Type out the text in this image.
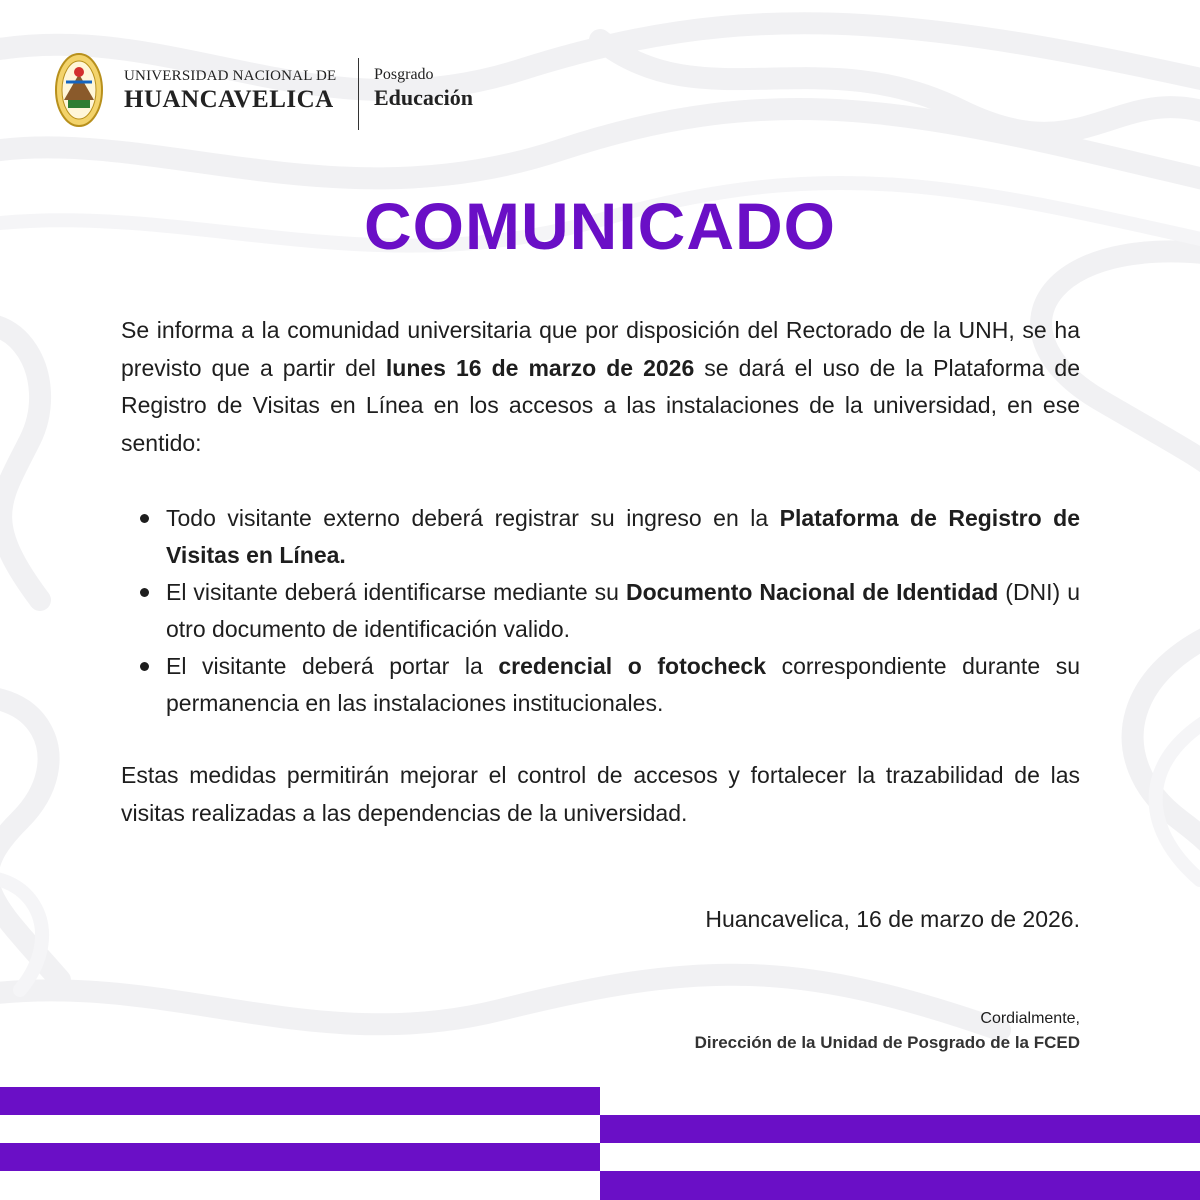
UNIVERSIDAD NACIONAL DE
HUANCAVELICA
Posgrado
Educación
COMUNICADO
Se informa a la comunidad universitaria que por disposición del Rectorado de la UNH, se ha previsto que a partir del lunes 16 de marzo de 2026 se dará el uso de la Plataforma de Registro de Visitas en Línea en los accesos a las instalaciones de la universidad, en ese sentido:
Todo visitante externo deberá registrar su ingreso en la Plataforma de Registro de Visitas en Línea.
El visitante deberá identificarse mediante su Documento Nacional de Identidad (DNI) u otro documento de identificación valido.
El visitante deberá portar la credencial o fotocheck correspondiente durante su permanencia en las instalaciones institucionales.
Estas medidas permitirán mejorar el control de accesos y fortalecer la trazabilidad de las visitas realizadas a las dependencias de la universidad.
Huancavelica, 16 de marzo de 2026.
Cordialmente,
Dirección de la Unidad de Posgrado de la FCED
